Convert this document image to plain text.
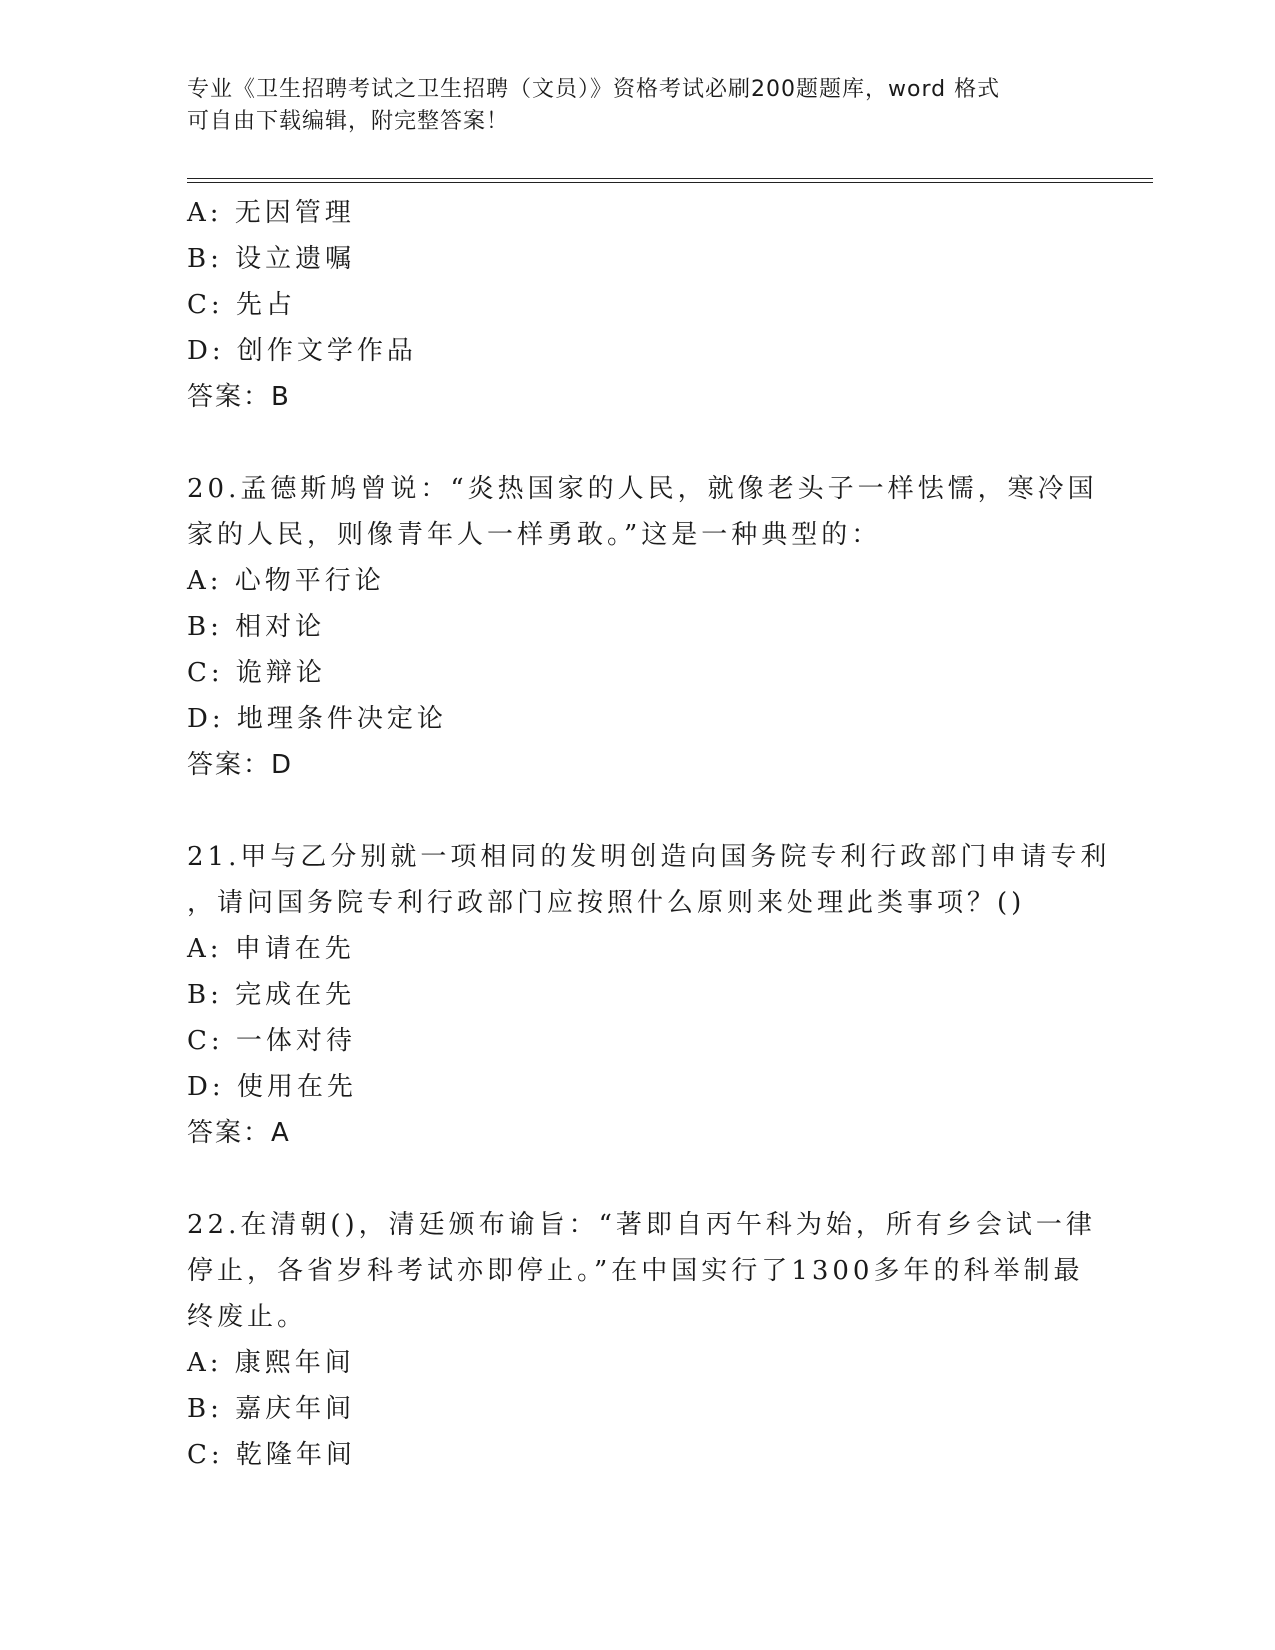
专业《卫生招聘考试之卫生招聘（文员）》资格考试必刷200题题库，word 格式
可自由下载编辑，附完整答案！
A: 无因管理
B: 设立遗嘱
C: 先占
D: 创作文学作品
答案：B
20.孟德斯鸠曾说：“炎热国家的人民，就像老头子一样怯懦，寒冷国
家的人民，则像青年人一样勇敢。”这是一种典型的：
A: 心物平行论
B: 相对论
C: 诡辩论
D: 地理条件决定论
答案：D
21.甲与乙分别就一项相同的发明创造向国务院专利行政部门申请专利
，请问国务院专利行政部门应按照什么原则来处理此类事项？()
A: 申请在先
B: 完成在先
C: 一体对待
D: 使用在先
答案：A
22.在清朝()，清廷颁布谕旨：“著即自丙午科为始，所有乡会试一律
停止，各省岁科考试亦即停止。”在中国实行了1300多年的科举制最
终废止。
A: 康熙年间
B: 嘉庆年间
C: 乾隆年间
